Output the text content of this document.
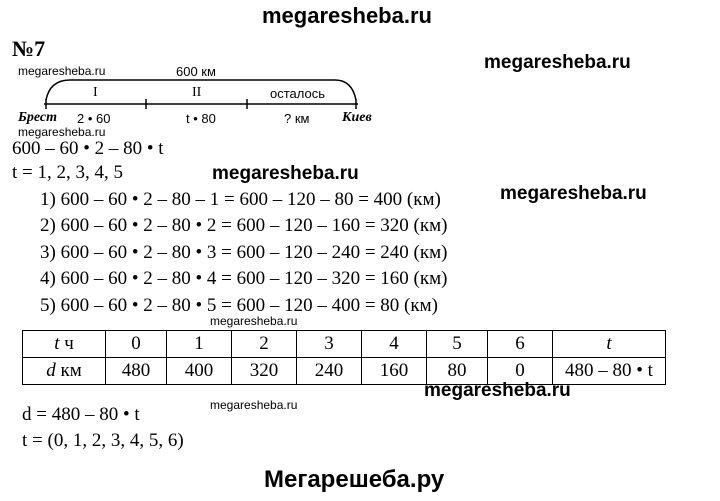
megaresheba.ru
№7
megaresheba.ru
megaresheba.ru	600 км
I	II	осталось
Брест 2 • 60	t • 80	? км Киев
megaresheba.ru
600 – 60 • 2 – 80 • t
megaresheba.ru
t = 1, 2, 3, 4, 5
1) 600 – 60 • 2 – 80 – 1 = 600 – 120 – 80 = 400 (км)	megaresheba.ru
2) 600 – 60 • 2 – 80 • 2 = 600 – 120 – 160 = 320 (км)
3) 600 – 60 • 2 – 80 • 3 = 600 – 120 – 240 = 240 (км)
4) 600 – 60 • 2 – 80 • 4 = 600 – 120 – 320 = 160 (км)
5) 600 – 60 • 2 – 80 • 5 = 600 – 120 – 400 = 80 (км)
megaresheba.ru
t ч	0	1	2	3	4	5	6	t
d км	480	400	320	240	160	80	0	480 – 80 • t
megaresheba.ru
megaresheba.ru
d = 480 – 80 • t
t = (0, 1, 2, 3, 4, 5, 6)
Мегарешеба.ру
